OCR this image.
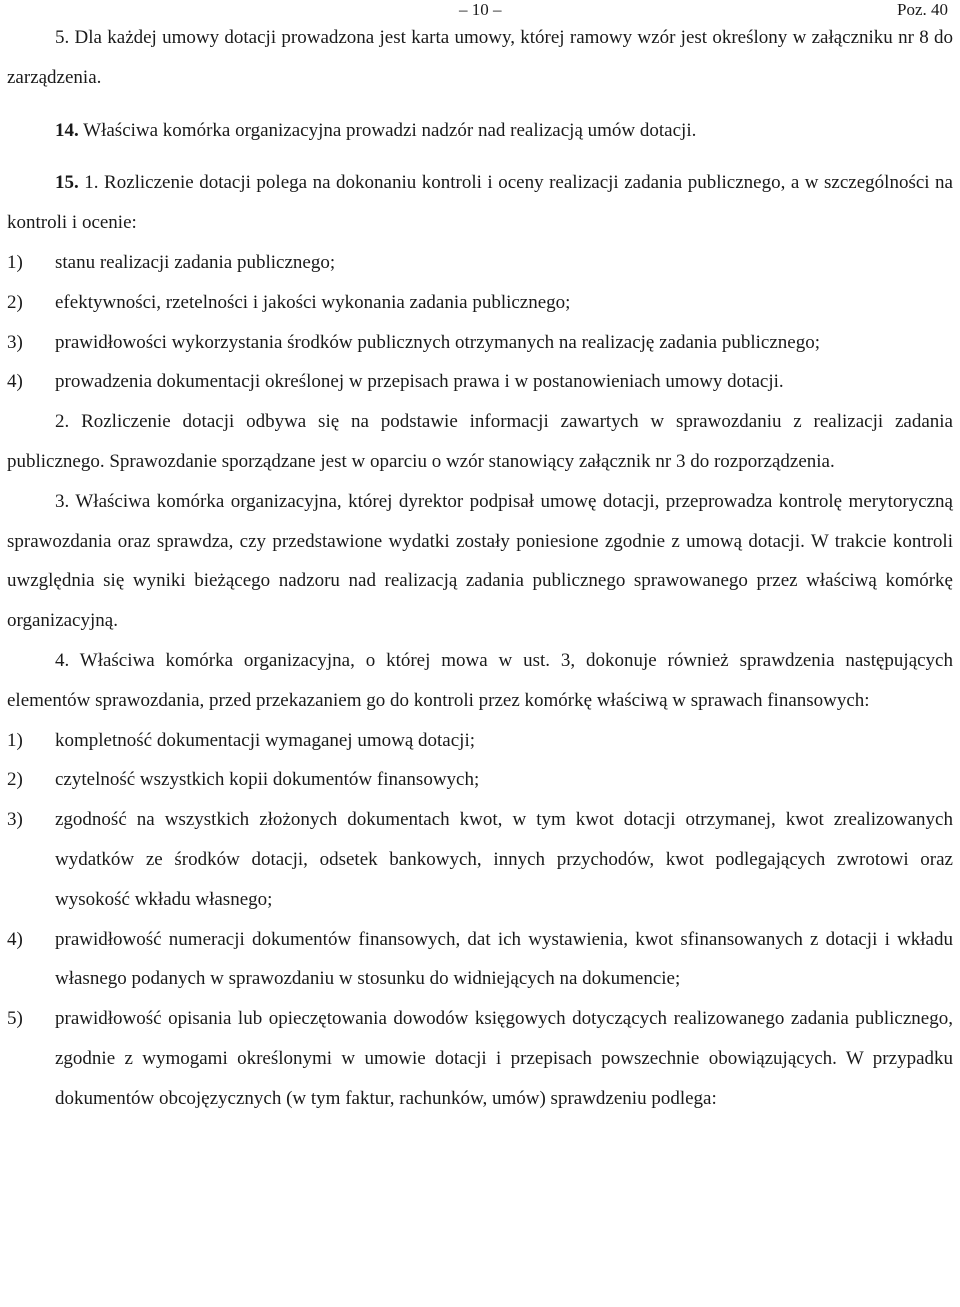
– 10 –	Poz. 40

5. Dla każdej umowy dotacji prowadzona jest karta umowy, której ramowy wzór jest określony w załączniku nr 8 do zarządzenia.

14. Właściwa komórka organizacyjna prowadzi nadzór nad realizacją umów dotacji.

15. 1. Rozliczenie dotacji polega na dokonaniu kontroli i oceny realizacji zadania publicznego, a w szczególności na kontroli i ocenie:

1) stanu realizacji zadania publicznego;

2) efektywności, rzetelności i jakości wykonania zadania publicznego;

3) prawidłowości wykorzystania środków publicznych otrzymanych na realizację zadania publicznego;

4) prowadzenia dokumentacji określonej w przepisach prawa i w postanowieniach umowy dotacji.

2. Rozliczenie dotacji odbywa się na podstawie informacji zawartych w sprawozdaniu z realizacji zadania publicznego. Sprawozdanie sporządzane jest w oparciu o wzór stanowiący załącznik nr 3 do rozporządzenia.

3. Właściwa komórka organizacyjna, której dyrektor podpisał umowę dotacji, przeprowadza kontrolę merytoryczną sprawozdania oraz sprawdza, czy przedstawione wydatki zostały poniesione zgodnie z umową dotacji. W trakcie kontroli uwzględnia się wyniki bieżącego nadzoru nad realizacją zadania publicznego sprawowanego przez właściwą komórkę organizacyjną.

4. Właściwa komórka organizacyjna, o której mowa w ust. 3, dokonuje również sprawdzenia następujących elementów sprawozdania, przed przekazaniem go do kontroli przez komórkę właściwą w sprawach finansowych:

1) kompletność dokumentacji wymaganej umową dotacji;

2) czytelność wszystkich kopii dokumentów finansowych;

3) zgodność na wszystkich złożonych dokumentach kwot, w tym kwot dotacji otrzymanej, kwot zrealizowanych wydatków ze środków dotacji, odsetek bankowych, innych przychodów, kwot podlegających zwrotowi oraz wysokość wkładu własnego;

4) prawidłowość numeracji dokumentów finansowych, dat ich wystawienia, kwot sfinansowanych z dotacji i wkładu własnego podanych w sprawozdaniu w stosunku do widniejących na dokumencie;

5) prawidłowość opisania lub opieczętowania dowodów księgowych dotyczących realizowanego zadania publicznego, zgodnie z wymogami określonymi w umowie dotacji i przepisach powszechnie obowiązujących. W przypadku dokumentów obcojęzycznych (w tym faktur, rachunków, umów) sprawdzeniu podlega:
